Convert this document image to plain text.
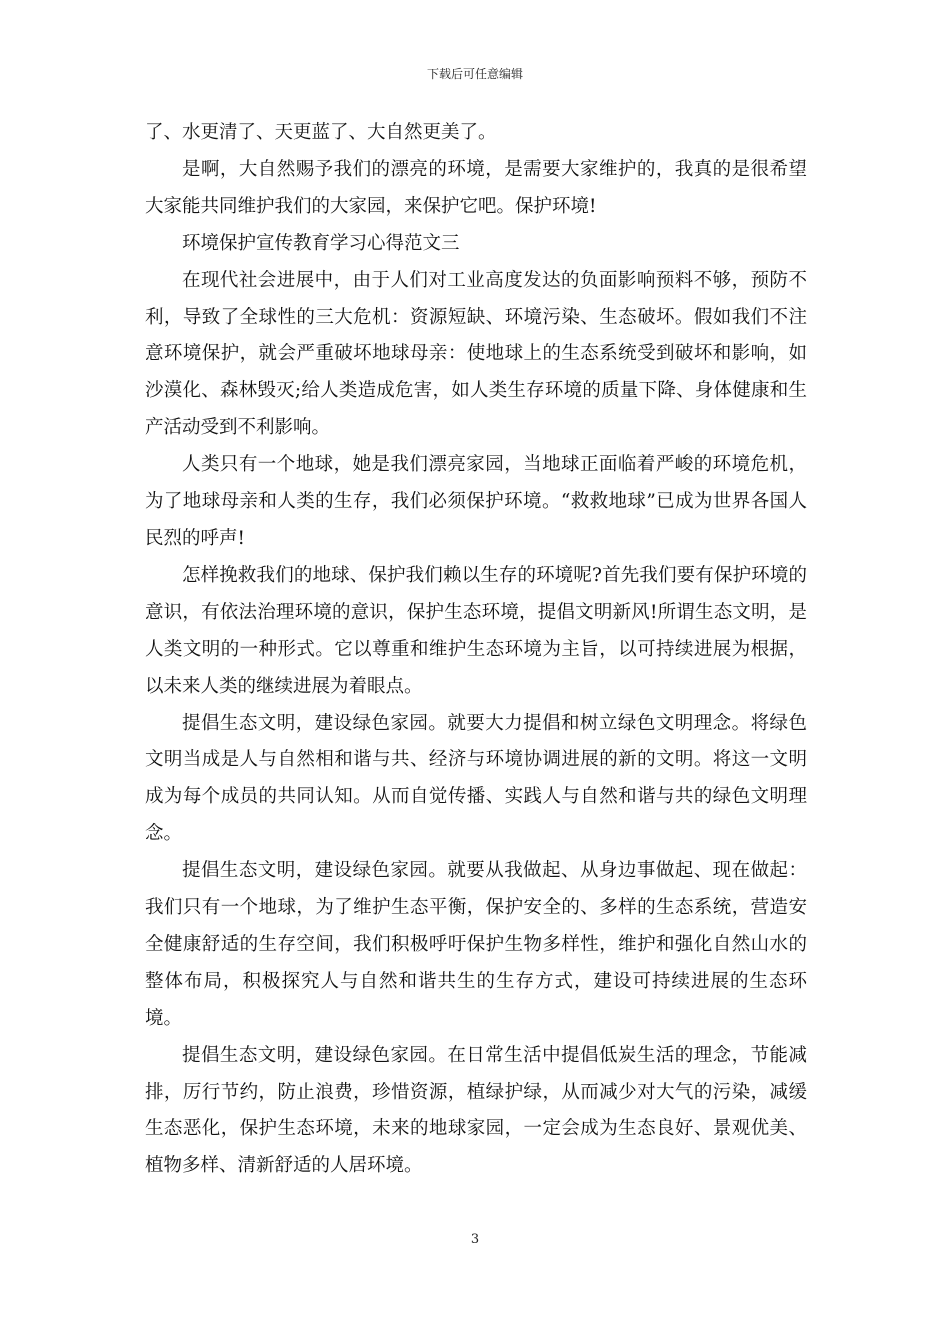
下载后可任意编辑

了、水更清了、天更蓝了、大自然更美了。

是啊，大自然赐予我们的漂亮的环境，是需要大家维护的，我真的是很希望大家能共同维护我们的大家园，来保护它吧。保护环境!

环境保护宣传教育学习心得范文三

在现代社会进展中，由于人们对工业高度发达的负面影响预料不够，预防不利，导致了全球性的三大危机：资源短缺、环境污染、生态破坏。假如我们不注意环境保护，就会严重破坏地球母亲：使地球上的生态系统受到破坏和影响，如沙漠化、森林毁灭;给人类造成危害，如人类生存环境的质量下降、身体健康和生产活动受到不利影响。

人类只有一个地球，她是我们漂亮家园，当地球正面临着严峻的环境危机，为了地球母亲和人类的生存，我们必须保护环境。“救救地球”已成为世界各国人民烈的呼声!

怎样挽救我们的地球、保护我们赖以生存的环境呢?首先我们要有保护环境的意识，有依法治理环境的意识，保护生态环境，提倡文明新风!所谓生态文明，是人类文明的一种形式。它以尊重和维护生态环境为主旨，以可持续进展为根据，以未来人类的继续进展为着眼点。

提倡生态文明，建设绿色家园。就要大力提倡和树立绿色文明理念。将绿色文明当成是人与自然相和谐与共、经济与环境协调进展的新的文明。将这一文明成为每个成员的共同认知。从而自觉传播、实践人与自然和谐与共的绿色文明理念。

提倡生态文明，建设绿色家园。就要从我做起、从身边事做起、现在做起：我们只有一个地球，为了维护生态平衡，保护安全的、多样的生态系统，营造安全健康舒适的生存空间，我们积极呼吁保护生物多样性，维护和强化自然山水的整体布局，积极探究人与自然和谐共生的生存方式，建设可持续进展的生态环境。

提倡生态文明，建设绿色家园。在日常生活中提倡低炭生活的理念，节能减排，厉行节约，防止浪费，珍惜资源，植绿护绿，从而减少对大气的污染，减缓生态恶化，保护生态环境，未来的地球家园，一定会成为生态良好、景观优美、植物多样、清新舒适的人居环境。

3
